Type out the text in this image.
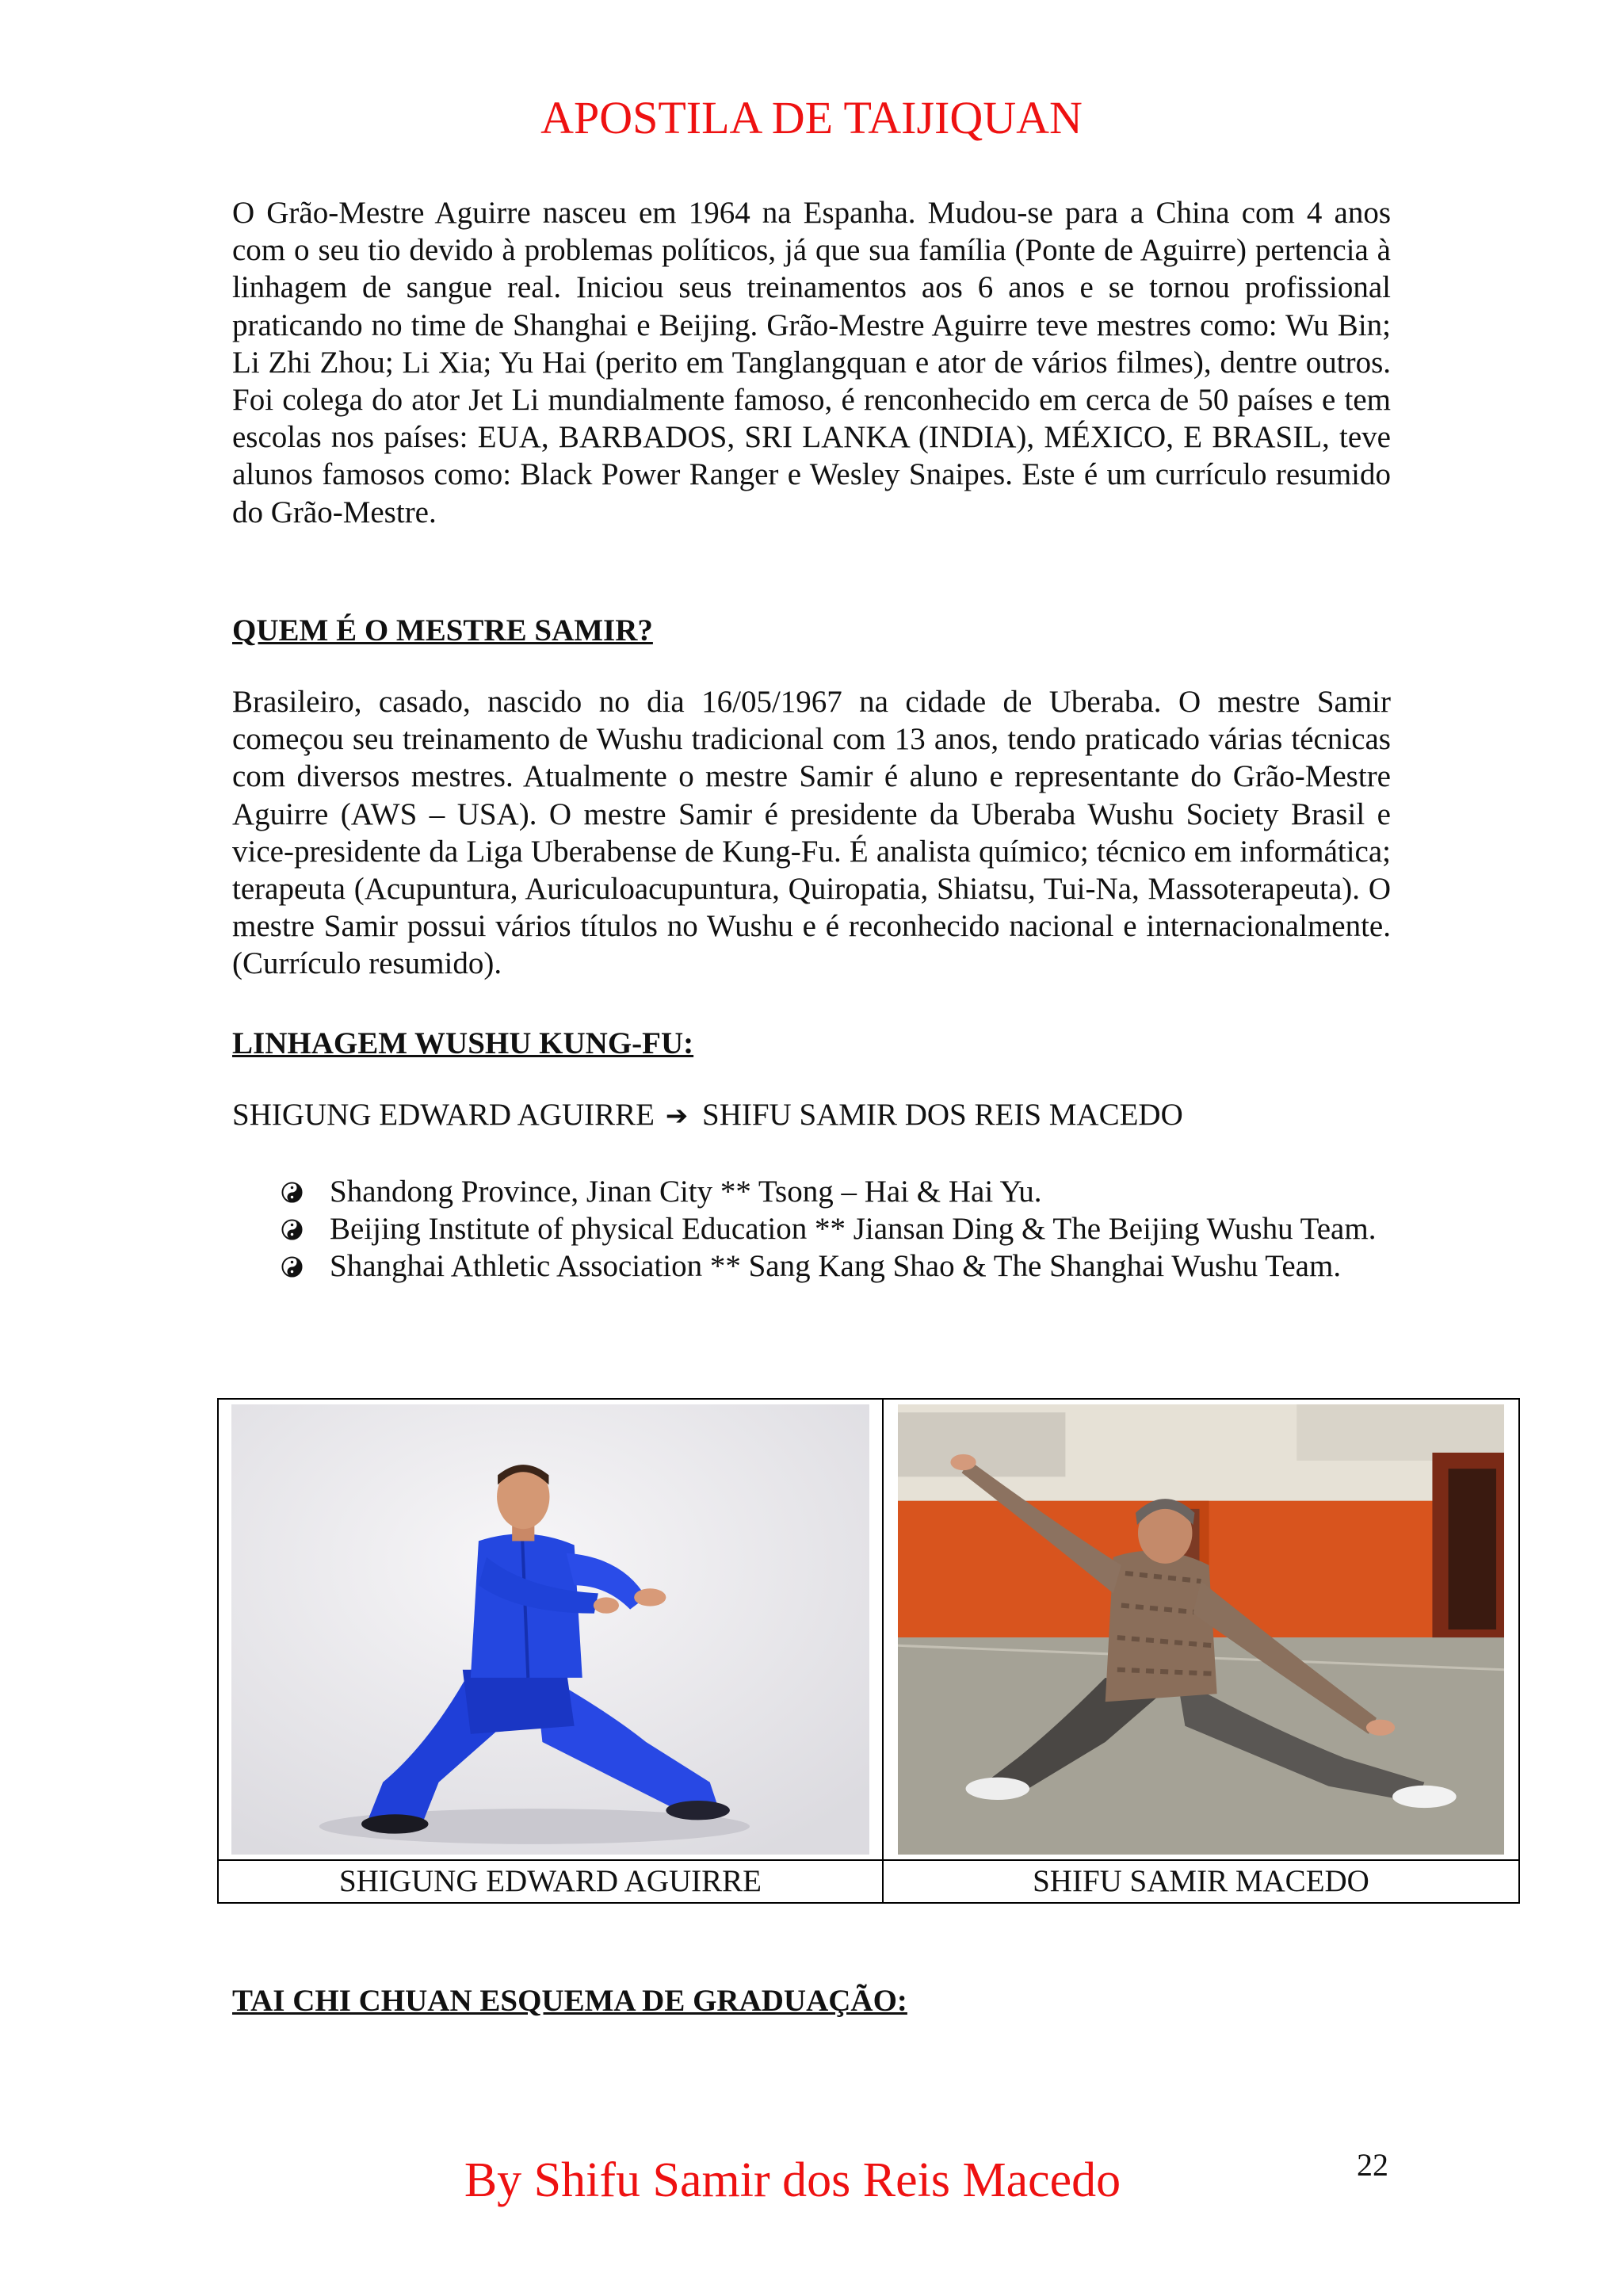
APOSTILA DE TAIJIQUAN

O Grão-Mestre Aguirre nasceu em 1964 na Espanha. Mudou-se para a China com 4 anos com o seu tio devido à problemas políticos, já que sua família (Ponte de Aguirre) pertencia à linhagem de sangue real. Iniciou seus treinamentos aos 6 anos e se tornou profissional praticando no time de Shanghai e Beijing. Grão-Mestre Aguirre teve mestres como: Wu Bin; Li Zhi Zhou; Li Xia; Yu Hai (perito em Tanglangquan e ator de vários filmes), dentre outros. Foi colega do ator Jet Li mundialmente famoso, é renconhecido em cerca de 50 países e tem escolas nos países: EUA, BARBADOS, SRI LANKA (INDIA), MÉXICO, E BRASIL, teve alunos famosos como: Black Power Ranger e Wesley Snaipes. Este é um currículo resumido do Grão-Mestre.

QUEM É O MESTRE SAMIR?

Brasileiro, casado, nascido no dia 16/05/1967 na cidade de Uberaba. O mestre Samir começou seu treinamento de Wushu tradicional com 13 anos, tendo praticado várias técnicas com diversos mestres. Atualmente o mestre Samir é aluno e representante do Grão-Mestre Aguirre (AWS – USA). O mestre Samir é presidente da Uberaba Wushu Society Brasil e vice-presidente da Liga Uberabense de Kung-Fu. É analista químico; técnico em informática; terapeuta (Acupuntura, Auriculoacupuntura, Quiropatia, Shiatsu, Tui-Na, Massoterapeuta). O mestre Samir possui vários títulos no Wushu e é reconhecido nacional e internacionalmente. (Currículo resumido).

LINHAGEM WUSHU KUNG-FU:
SHIGUNG EDWARD AGUIRRE ➔ SHIFU SAMIR DOS REIS MACEDO
Shandong Province, Jinan City ** Tsong – Hai & Hai Yu.
Beijing Institute of physical Education ** Jiansan Ding & The Beijing Wushu Team.
Shanghai Athletic Association ** Sang Kang Shao & The Shanghai Wushu Team.

SHIGUNG EDWARD AGUIRRE	SHIFU SAMIR MACEDO
TAI CHI CHUAN ESQUEMA DE GRADUAÇÃO:
By Shifu Samir dos Reis Macedo	22
